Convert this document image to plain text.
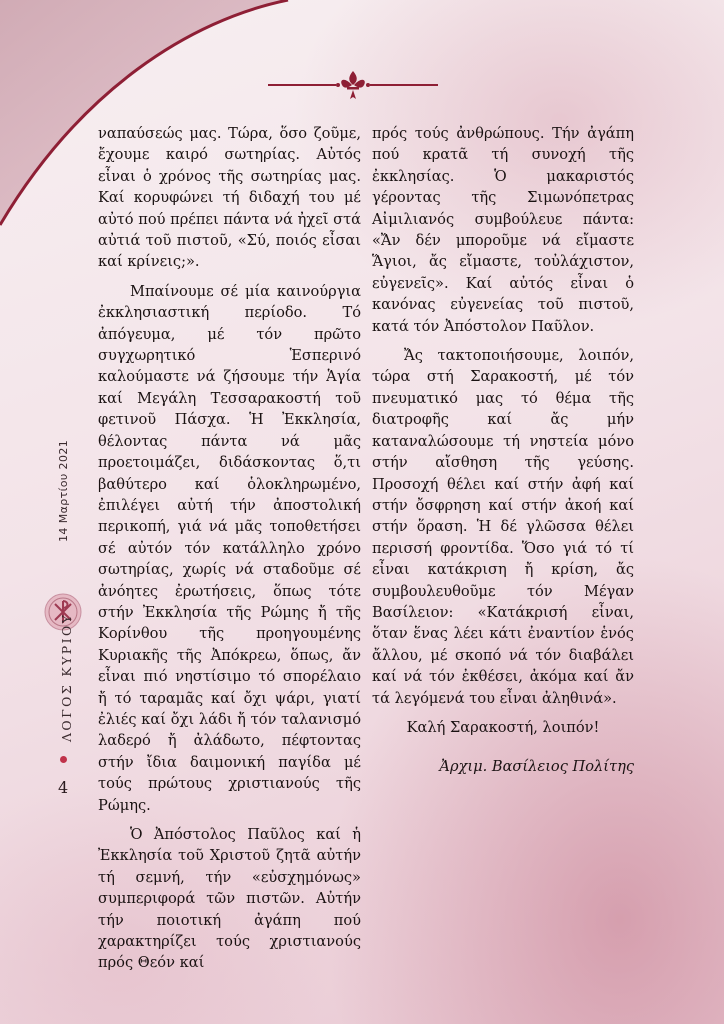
ναπαύσεώς μας. Τώρα, ὅσο ζοῦμε, ἔχουμε καιρό σωτηρίας. Αὐτός εἶναι ὁ χρόνος τῆς σωτηρίας μας. Καί κορυφώνει τή διδαχή του μέ αὐτό πού πρέπει πάντα νά ἠχεῖ στά αὐτιά τοῦ πιστοῦ, «Σύ, ποιός εἶσαι καί κρίνεις;».

Μπαίνουμε σέ μία καινούργια ἐκκλησιαστική περίοδο. Τό ἀπόγευμα, μέ τόν πρῶτο συγχωρητικό Ἑσπερινό καλούμαστε νά ζήσουμε τήν Ἁγία καί Μεγάλη Τεσσαρακοστή τοῦ φετινοῦ Πάσχα. Ἡ Ἐκκλησία, θέλοντας πάντα νά μᾶς προετοιμάζει, διδάσκοντας ὅ,τι βαθύτερο καί ὁλοκληρωμένο, ἐπιλέγει αὐτή τήν ἀποστολική περικοπή, γιά νά μᾶς τοποθετήσει σέ αὐτόν τόν κατάλληλο χρόνο σωτηρίας, χωρίς νά σταδοῦμε σέ ἀνόητες ἐρωτήσεις, ὅπως τότε στήν Ἐκκλησία τῆς Ρώμης ἤ τῆς Κορίνθου τῆς προηγουμένης Κυριακῆς τῆς Ἀπόκρεω, ὅπως, ἄν εἶναι πιό νηστίσιμο τό σπορέλαιο ἤ τό ταραμᾶς καί ὄχι ψάρι, γιατί ἐλιές καί ὄχι λάδι ἤ τόν ταλανισμό λαδερό ἤ ἀλάδωτο, πέφτοντας στήν ἴδια δαιμονική παγίδα μέ τούς πρώτους χριστιανούς τῆς Ρώμης.

Ὁ Ἀπόστολος Παῦλος καί ἡ Ἐκκλησία τοῦ Χριστοῦ ζητᾶ αὐτήν τή σεμνή, τήν «εὐσχημόνως» συμπεριφορά τῶν πιστῶν. Αὐτήν τήν ποιοτική ἀγάπη πού χαρακτηρίζει τούς χριστιανούς πρός Θεόν καί

πρός τούς ἀνθρώπους. Τήν ἀγάπη πού κρατᾶ τή συνοχή τῆς ἐκκλησίας. Ὁ μακαριστός γέροντας τῆς Σιμωνόπετρας Αἰμιλιανός συμβούλευε πάντα: «Ἄν δέν μποροῦμε νά εἴμαστε Ἅγιοι, ἄς εἴμαστε, τοὐλάχιστον, εὐγενεῖς». Καί αὐτός εἶναι ὁ κανόνας εὐγενείας τοῦ πιστοῦ, κατά τόν Ἀπόστολον Παῦλον.

Ἄς τακτοποιήσουμε, λοιπόν, τώρα στή Σαρακοστή, μέ τόν πνευματικό μας τό θέμα τῆς διατροφῆς καί ἄς μήν καταναλώσουμε τή νηστεία μόνο στήν αἴσθηση τῆς γεύσης. Προσοχή θέλει καί στήν ἀφή καί στήν ὄσφρηση καί στήν ἀκοή καί στήν ὅραση. Ἡ δέ γλῶσσα θέλει περισσή φροντίδα. Ὅσο γιά τό τί εἶναι κατάκριση ἤ κρίση, ἄς συμβουλευθοῦμε τόν Μέγαν Βασίλειον: «Κατάκρισή εἶναι, ὅταν ἕνας λέει κάτι ἐναντίον ἑνός ἄλλου, μέ σκοπό νά τόν διαβάλει καί νά τόν ἐκθέσει, ἀκόμα καί ἄν τά λεγόμενά του εἶναι ἀληθινά».

Καλή Σαρακοστή, λοιπόν!

Ἀρχιμ. Βασίλειος Πολίτης

14 Μαρτίου 2021
ΛΟΓΟΣ ΚΥΡΙΟΥ
4
